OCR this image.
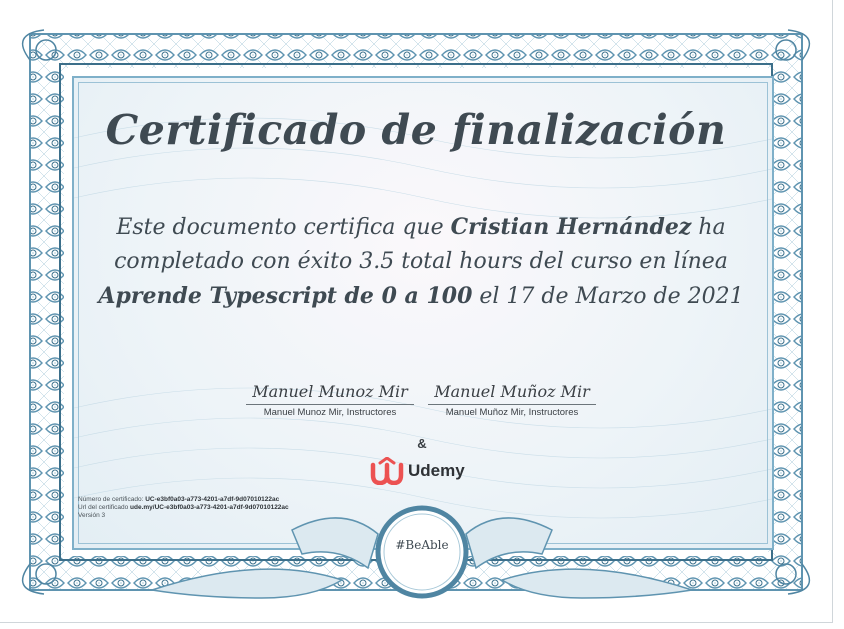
Certificado de finalización
Este documento certifica que Cristian Hernández ha completado con éxito 3.5 total hours del curso en línea Aprende Typescript de 0 a 100 el 17 de Marzo de 2021
Manuel Munoz Mir
Manuel Munoz Mir, Instructores
Manuel Muñoz Mir
Manuel Muñoz Mir, Instructores
&
Udemy
Número de certificado: UC-e3bf0a03-a773-4201-a7df-9d07010122ac
Url del certificado ude.my/UC-e3bf0a03-a773-4201-a7df-9d07010122ac
Versión 3
#BeAble
